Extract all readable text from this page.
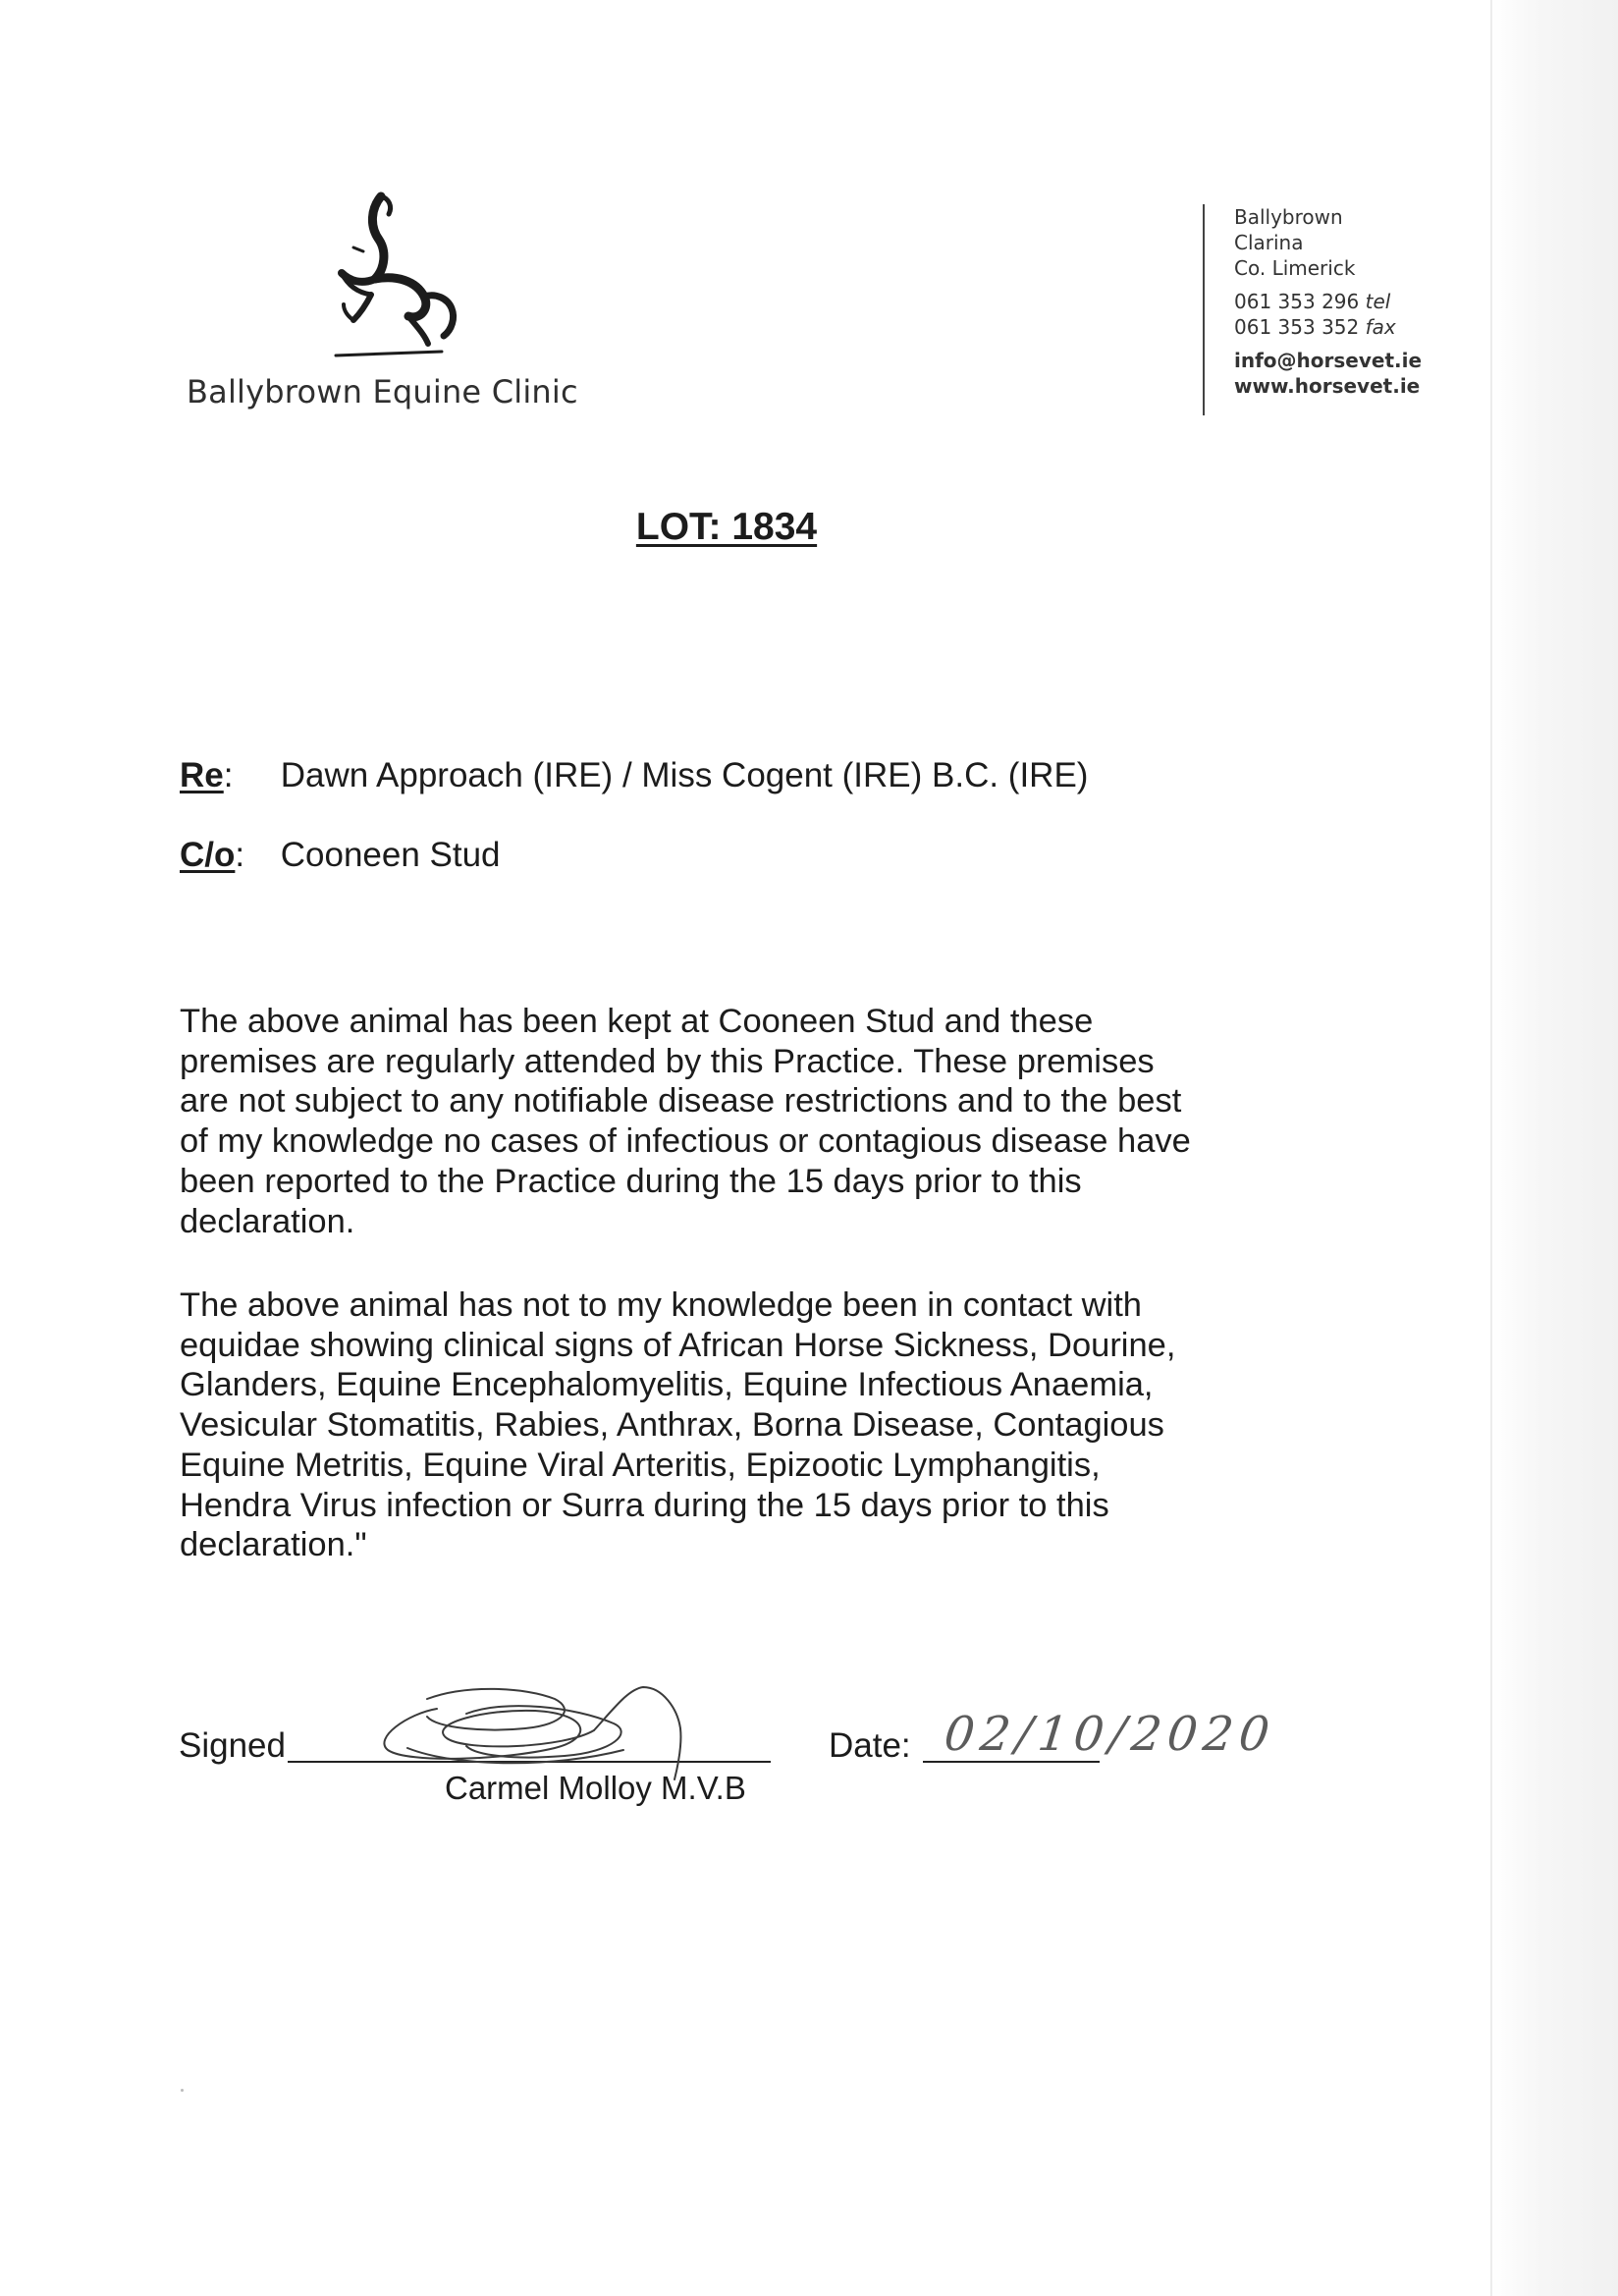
Ballybrown Equine Clinic
Ballybrown
Clarina
Co. Limerick
061 353 296 tel
061 353 352 fax
info@horsevet.ie
www.horsevet.ie
LOT: 1834
Re: Dawn Approach (IRE) / Miss Cogent (IRE) B.C. (IRE)
C/o: Cooneen Stud

The above animal has been kept at Cooneen Stud and these
premises are regularly attended by this Practice. These premises
are not subject to any notifiable disease restrictions and to the best
of my knowledge no cases of infectious or contagious disease have
been reported to the Practice during the 15 days prior to this
declaration.

The above animal has not to my knowledge been in contact with
equidae showing clinical signs of African Horse Sickness, Dourine,
Glanders, Equine Encephalomyelitis, Equine Infectious Anaemia,
Vesicular Stomatitis, Rabies, Anthrax, Borna Disease, Contagious
Equine Metritis, Equine Viral Arteritis, Epizootic Lymphangitis,
Hendra Virus infection or Surra during the 15 days prior to this
declaration."

Signed
Carmel Molloy M.V.B
Date: 02/10/2020
